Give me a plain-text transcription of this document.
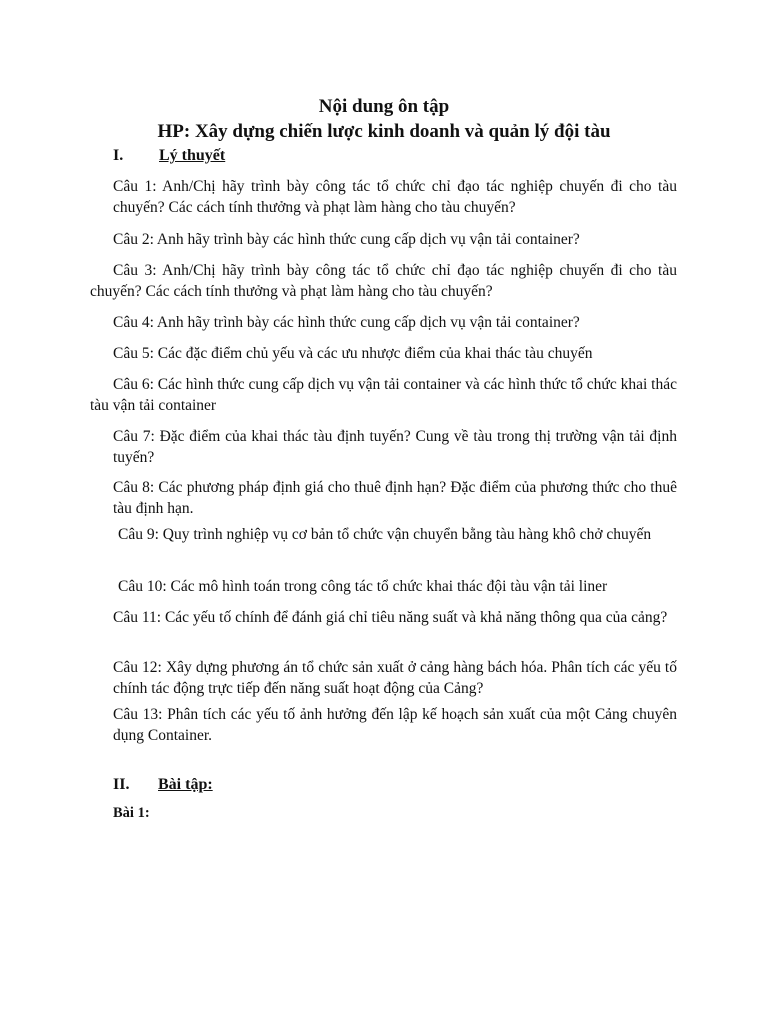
Nội dung ôn tập
HP: Xây dựng chiến lược kinh doanh và quản lý đội tàu
I. Lý thuyết

Câu 1: Anh/Chị hãy trình bày công tác tổ chức chỉ đạo tác nghiệp chuyến đi cho tàu chuyến? Các cách tính thưởng và phạt làm hàng cho tàu chuyến?

Câu 2: Anh hãy trình bày các hình thức cung cấp dịch vụ vận tải container?

Câu 3: Anh/Chị hãy trình bày công tác tổ chức chỉ đạo tác nghiệp chuyến đi cho tàu chuyến? Các cách tính thưởng và phạt làm hàng cho tàu chuyến?

Câu 4: Anh hãy trình bày các hình thức cung cấp dịch vụ vận tải container?

Câu 5: Các đặc điểm chủ yếu và các ưu nhược điểm của khai thác tàu chuyến

Câu 6: Các hình thức cung cấp dịch vụ vận tải container và các hình thức tổ chức khai thác tàu vận tải container

Câu 7: Đặc điểm của khai thác tàu định tuyến? Cung về tàu trong thị trường vận tải định tuyến?

Câu 8: Các phương pháp định giá cho thuê định hạn? Đặc điểm của phương thức cho thuê tàu định hạn.

Câu 9: Quy trình nghiệp vụ cơ bản tổ chức vận chuyển bằng tàu hàng khô chở chuyến

Câu 10: Các mô hình toán trong công tác tổ chức khai thác đội tàu vận tải liner

Câu 11: Các yếu tố chính để đánh giá chỉ tiêu năng suất và khả năng thông qua của cảng?

Câu 12: Xây dựng phương án tổ chức sản xuất ở cảng hàng bách hóa. Phân tích các yếu tố chính tác động trực tiếp đến năng suất hoạt động của Cảng?

Câu 13: Phân tích các yếu tố ảnh hưởng đến lập kế hoạch sản xuất của một Cảng chuyên dụng Container.

II. Bài tập:
Bài 1:
